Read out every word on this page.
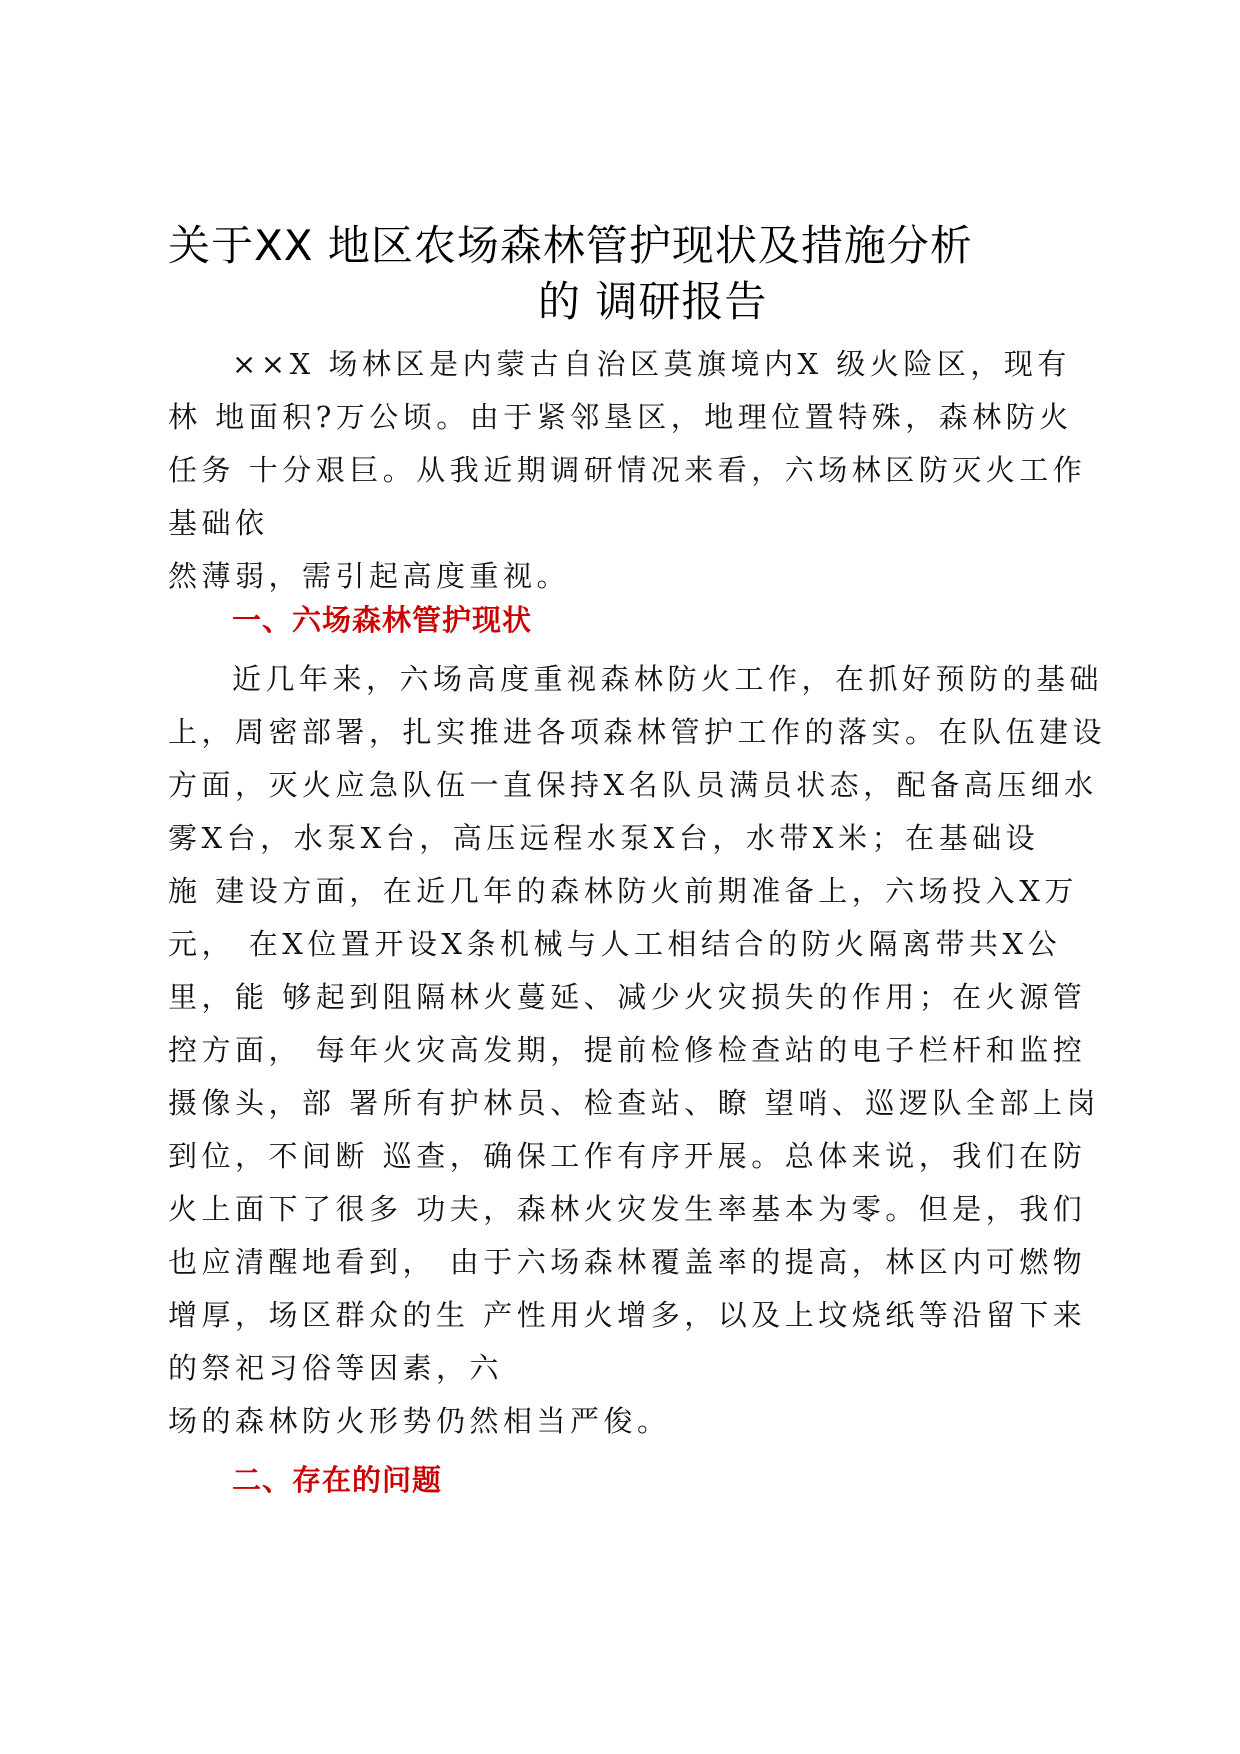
关于XX 地区农场森林管护现状及措施分析
的 调研报告
××X 场林区是内蒙古自治区莫旗境内X 级火险区，现有
林 地面积?万公顷。由于紧邻垦区，地理位置特殊，森林防火
任务 十分艰巨。从我近期调研情况来看，六场林区防灭火工作
基础依
然薄弱，需引起高度重视。
一、六场森林管护现状
近几年来，六场高度重视森林防火工作，在抓好预防的基础
上，周密部署，扎实推进各项森林管护工作的落实。在队伍建设
方面，灭火应急队伍一直保持X名队员满员状态，配备高压细水
雾X台，水泵X台，高压远程水泵X台，水带X米；在基础设
施 建设方面，在近几年的森林防火前期准备上，六场投入X万
元， 在X位置开设X条机械与人工相结合的防火隔离带共X公
里，能 够起到阻隔林火蔓延、减少火灾损失的作用；在火源管
控方面， 每年火灾高发期，提前检修检查站的电子栏杆和监控
摄像头，部 署所有护林员、检查站、瞭 望哨、巡逻队全部上岗
到位，不间断 巡查，确保工作有序开展。总体来说，我们在防
火上面下了很多 功夫，森林火灾发生率基本为零。但是，我们
也应清醒地看到， 由于六场森林覆盖率的提高，林区内可燃物
增厚，场区群众的生 产性用火增多，以及上坟烧纸等沿留下来
的祭祀习俗等因素，六
场的森林防火形势仍然相当严俊。
二、存在的问题
